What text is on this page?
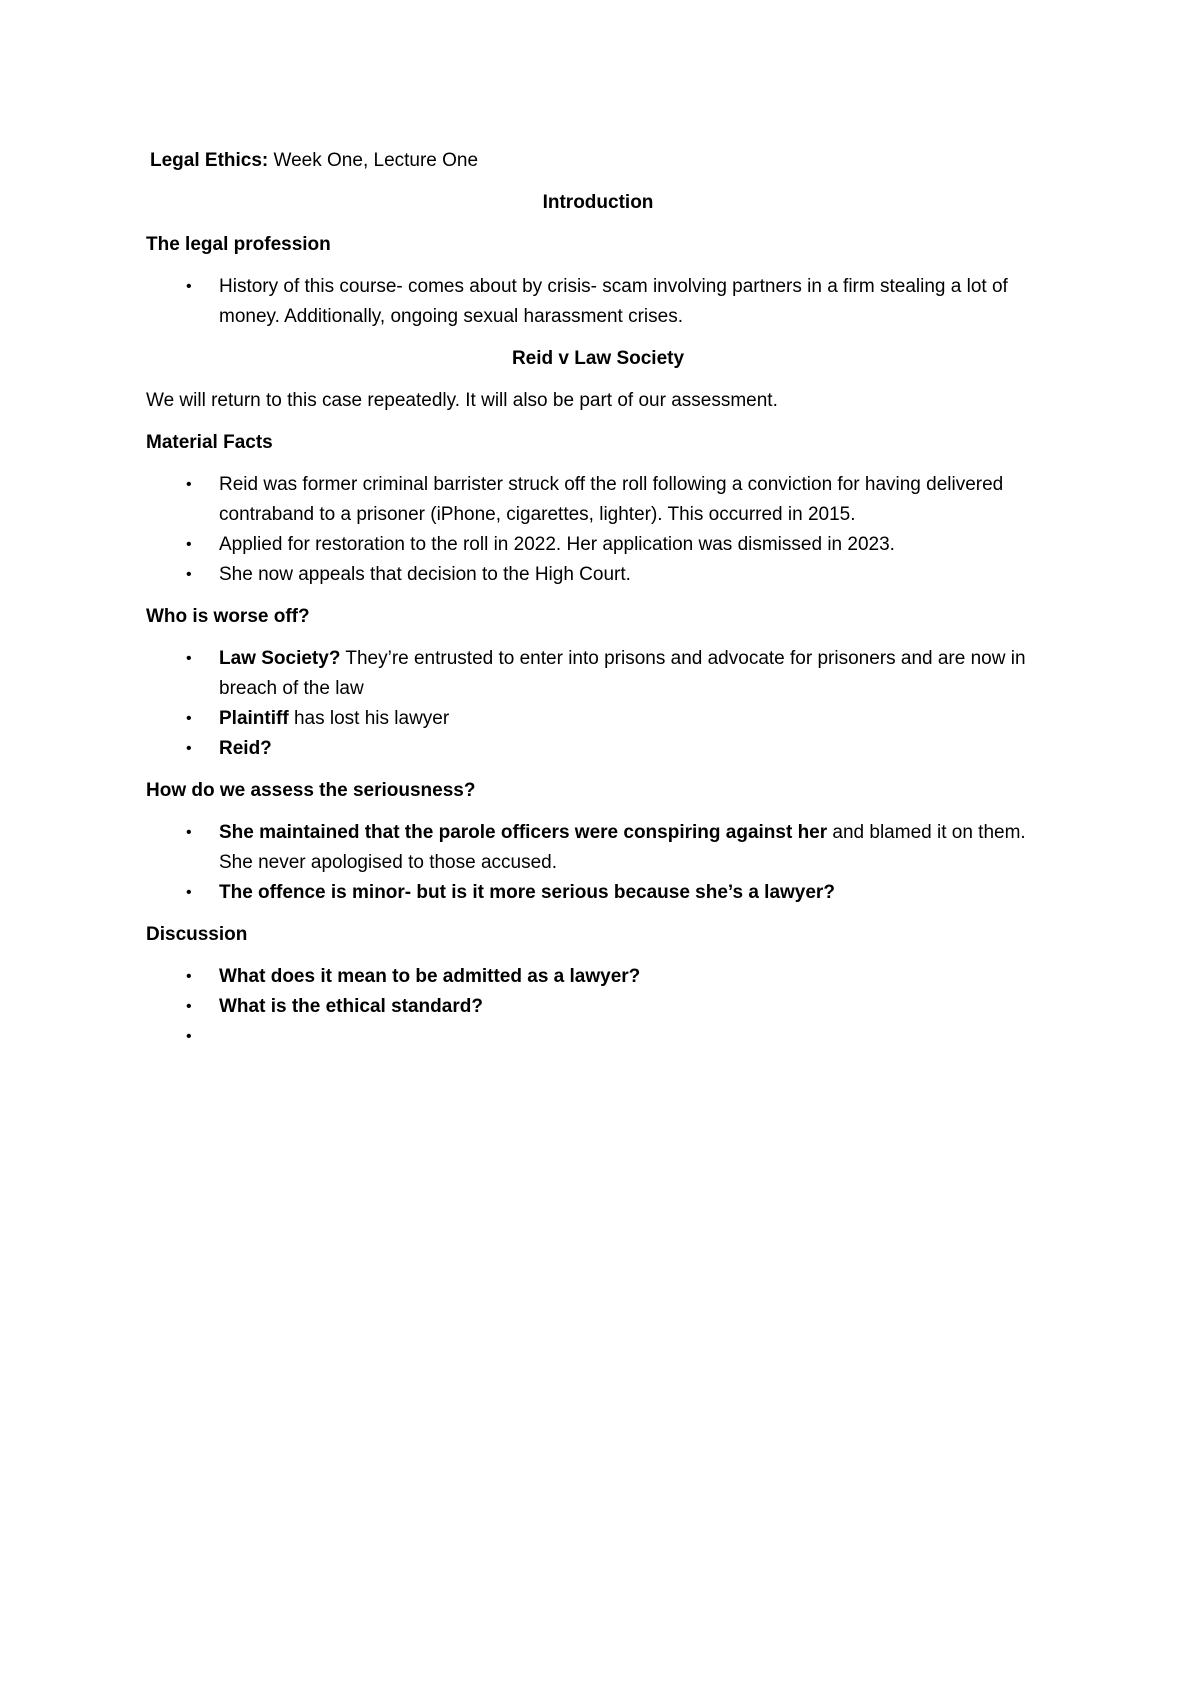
Legal Ethics: Week One, Lecture One

Introduction

The legal profession

• History of this course- comes about by crisis- scam involving partners in a firm stealing a lot of money. Additionally, ongoing sexual harassment crises.

Reid v Law Society

We will return to this case repeatedly. It will also be part of our assessment.

Material Facts

• Reid was former criminal barrister struck off the roll following a conviction for having delivered contraband to a prisoner (iPhone, cigarettes, lighter). This occurred in 2015.
• Applied for restoration to the roll in 2022. Her application was dismissed in 2023.
• She now appeals that decision to the High Court.

Who is worse off?

• Law Society? They’re entrusted to enter into prisons and advocate for prisoners and are now in breach of the law
• Plaintiff has lost his lawyer
• Reid?

How do we assess the seriousness?

• She maintained that the parole officers were conspiring against her and blamed it on them. She never apologised to those accused.
• The offence is minor- but is it more serious because she’s a lawyer?

Discussion

• What does it mean to be admitted as a lawyer?
• What is the ethical standard?
•
